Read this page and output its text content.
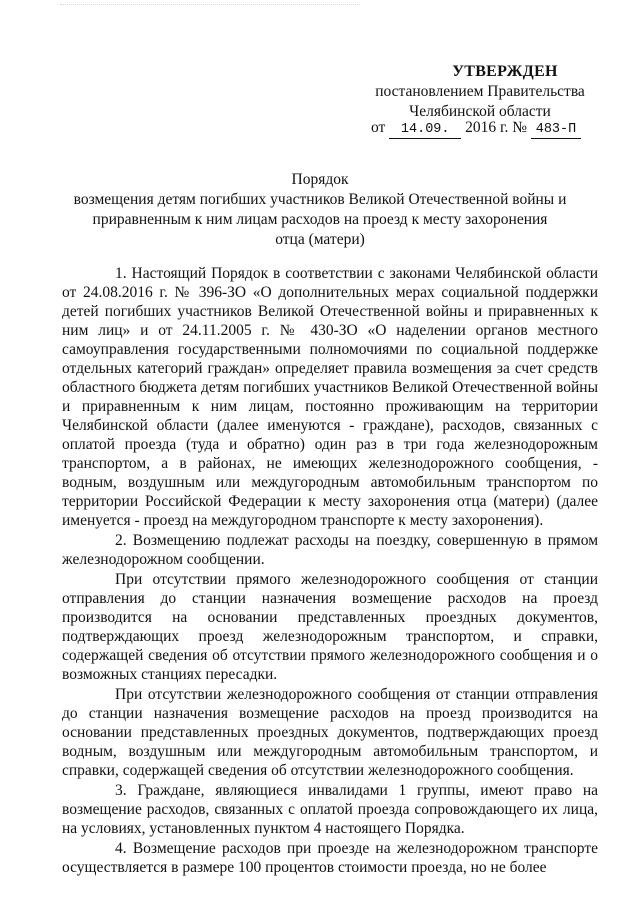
УТВЕРЖДЕН
постановлением Правительства
Челябинской области
от 14.09. 2016 г. № 483-П
Порядок
возмещения детям погибших участников Великой Отечественной войны и
приравненным к ним лицам расходов на проезд к месту захоронения
отца (матери)

1. Настоящий Порядок в соответствии с законами Челябинской области от 24.08.2016 г. № 396-ЗО «О дополнительных мерах социальной поддержки детей погибших участников Великой Отечественной войны и приравненных к ним лиц» и от 24.11.2005 г. № 430-ЗО «О наделении органов местного самоуправления государственными полномочиями по социальной поддержке отдельных категорий граждан» определяет правила возмещения за счет средств областного бюджета детям погибших участников Великой Отечественной войны и приравненным к ним лицам, постоянно проживающим на территории Челябинской области (далее именуются - граждане), расходов, связанных с оплатой проезда (туда и обратно) один раз в три года железнодорожным транспортом, а в районах, не имеющих железнодорожного сообщения, - водным, воздушным или междугородным автомобильным транспортом по территории Российской Федерации к месту захоронения отца (матери) (далее именуется - проезд на междугородном транспорте к месту захоронения).

2. Возмещению подлежат расходы на поездку, совершенную в прямом железнодорожном сообщении.

При отсутствии прямого железнодорожного сообщения от станции отправления до станции назначения возмещение расходов на проезд производится на основании представленных проездных документов, подтверждающих проезд железнодорожным транспортом, и справки, содержащей сведения об отсутствии прямого железнодорожного сообщения и о возможных станциях пересадки.

При отсутствии железнодорожного сообщения от станции отправления до станции назначения возмещение расходов на проезд производится на основании представленных проездных документов, подтверждающих проезд водным, воздушным или междугородным автомобильным транспортом, и справки, содержащей сведения об отсутствии железнодорожного сообщения.

3. Граждане, являющиеся инвалидами 1 группы, имеют право на возмещение расходов, связанных с оплатой проезда сопровождающего их лица, на условиях, установленных пунктом 4 настоящего Порядка.

4. Возмещение расходов при проезде на железнодорожном транспорте осуществляется в размере 100 процентов стоимости проезда, но не более
